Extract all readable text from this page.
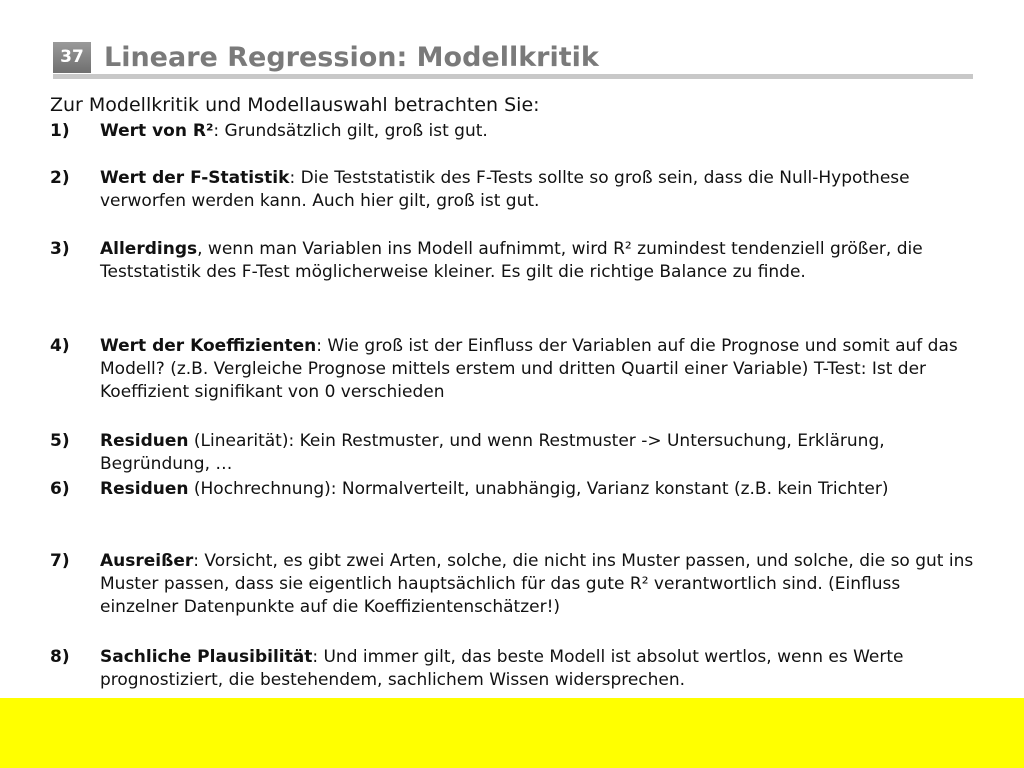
37 Lineare Regression: Modellkritik
Zur Modellkritik und Modellauswahl betrachten Sie:
1) Wert von R²: Grundsätzlich gilt, groß ist gut.
2) Wert der F-Statistik: Die Teststatistik des F-Tests sollte so groß sein, dass die Null-Hypothese verworfen werden kann. Auch hier gilt, groß ist gut.
3) Allerdings, wenn man Variablen ins Modell aufnimmt, wird R² zumindest tendenziell größer, die Teststatistik des F-Test möglicherweise kleiner. Es gilt die richtige Balance zu finde.
4) Wert der Koeffizienten: Wie groß ist der Einfluss der Variablen auf die Prognose und somit auf das Modell? (z.B. Vergleiche Prognose mittels erstem und dritten Quartil einer Variable) T-Test: Ist der Koeffizient signifikant von 0 verschieden
5) Residuen (Linearität): Kein Restmuster, und wenn Restmuster -> Untersuchung, Erklärung, Begründung, …
6) Residuen (Hochrechnung): Normalverteilt, unabhängig, Varianz konstant (z.B. kein Trichter)
7) Ausreißer: Vorsicht, es gibt zwei Arten, solche, die nicht ins Muster passen, und solche, die so gut ins Muster passen, dass sie eigentlich hauptsächlich für das gute R² verantwortlich sind. (Einfluss einzelner Datenpunkte auf die Koeffizientenschätzer!)
8) Sachliche Plausibilität: Und immer gilt, das beste Modell ist absolut wertlos, wenn es Werte prognostiziert, die bestehendem, sachlichem Wissen widersprechen.
